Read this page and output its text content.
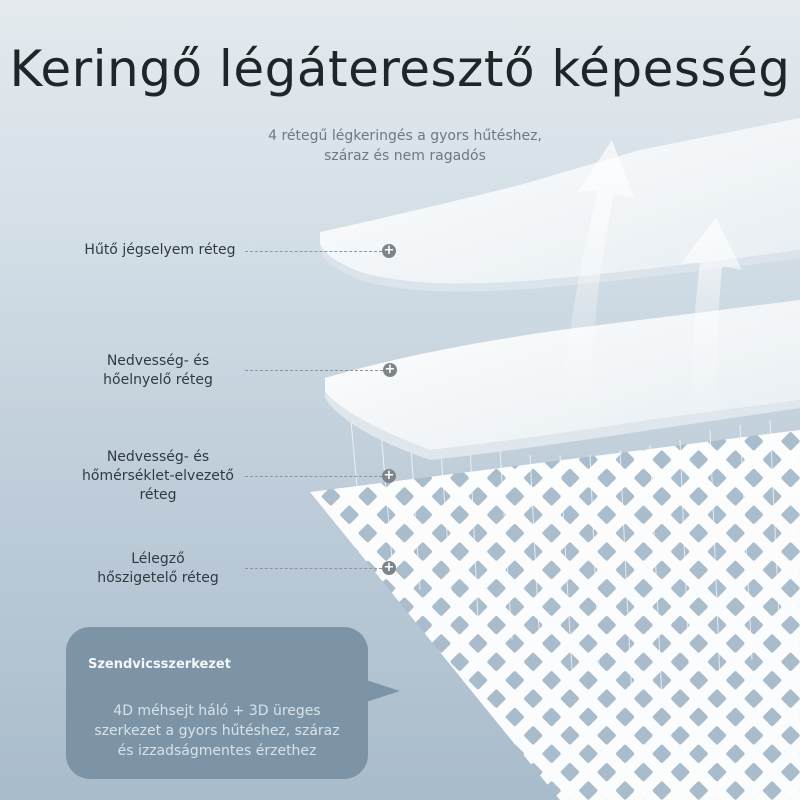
Keringő légáteresztő képesség
4 rétegű légkeringés a gyors hűtéshez,
száraz és nem ragadós
Hűtő jégselyem réteg	+
Nedvesség- és
hőelnyelő réteg
+
Nedvesség- és
hőmérséklet-elvezető
réteg
+
Lélegző
hőszigetelő réteg
+
Szendvicsszerkezet
4D méhsejt háló + 3D üreges
szerkezet a gyors hűtéshez, száraz
és izzadságmentes érzethez
